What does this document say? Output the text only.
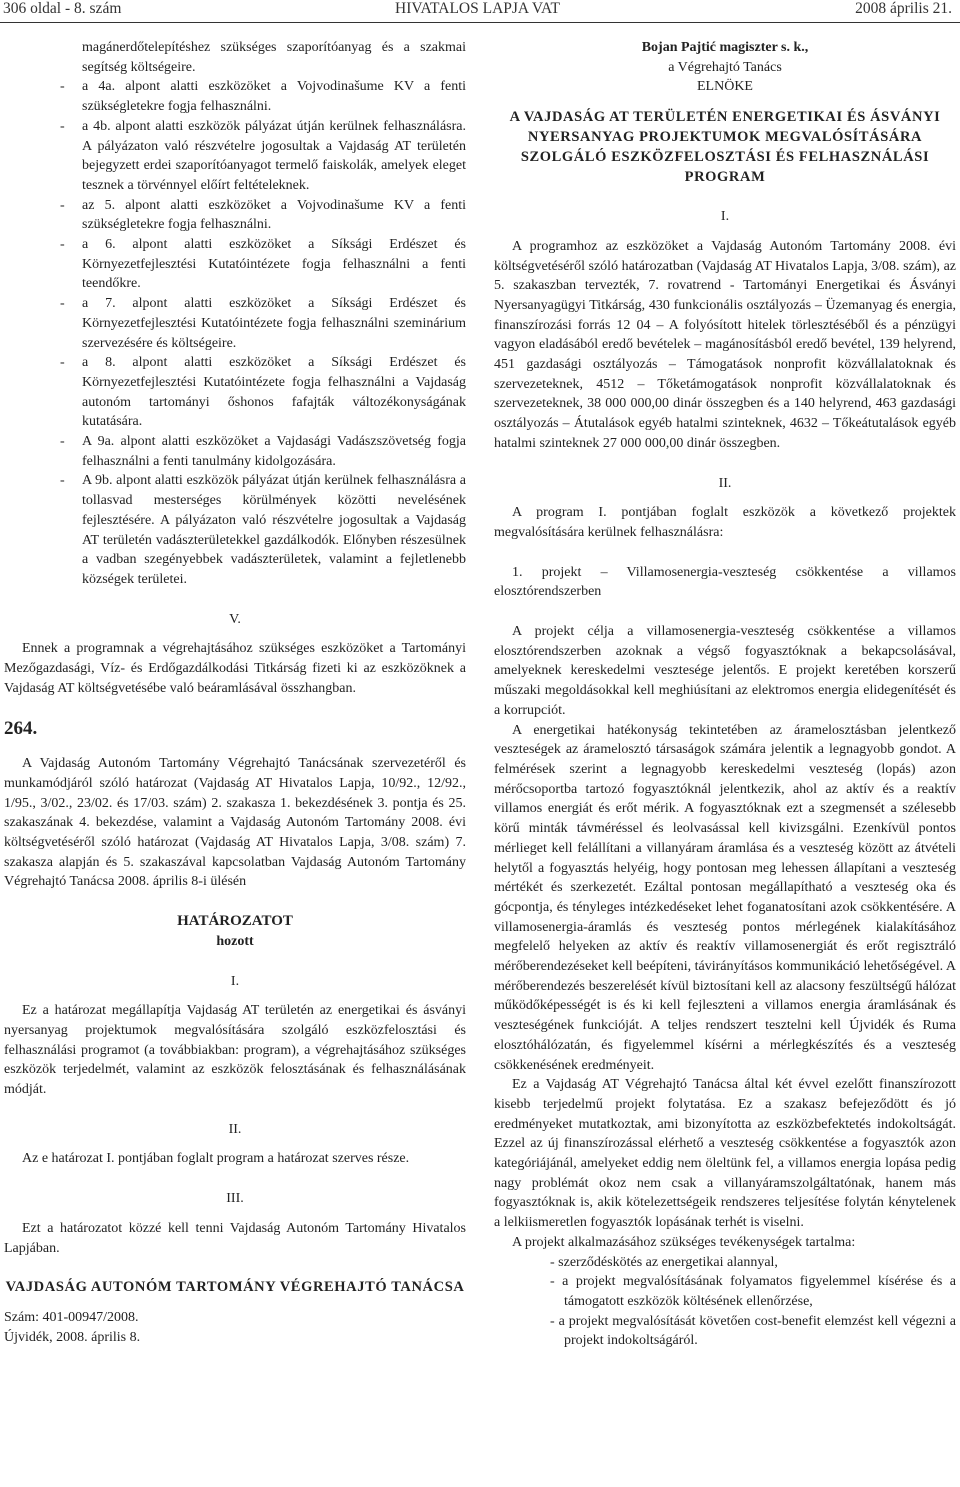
306 oldal - 8. szám	HIVATALOS LAPJA VAT	2008 április 21.

magánerdőtelepítéshez szükséges szaporítóanyag és a szakmai segítség költségeire.

- a 4a. alpont alatti eszközöket a Vojvodinašume KV a fenti szükségletekre fogja felhasználni.
- a 4b. alpont alatti eszközök pályázat útján kerülnek felhasználásra. A pályázaton való részvételre jogosultak a Vajdaság AT területén bejegyzett erdei szaporítóanyagot termelő faiskolák, amelyek eleget tesznek a törvénnyel előírt feltételeknek.
- az 5. alpont alatti eszközöket a Vojvodinašume KV a fenti szükségletekre fogja felhasználni.
- a 6. alpont alatti eszközöket a Síksági Erdészet és Környezetfejlesztési Kutatóintézete fogja felhasználni a fenti teendőkre.
- a 7. alpont alatti eszközöket a Síksági Erdészet és Környezetfejlesztési Kutatóintézete fogja felhasználni szeminárium szervezésére és költségeire.
- a 8. alpont alatti eszközöket a Síksági Erdészet és Környezetfejlesztési Kutatóintézete fogja felhasználni a Vajdaság autonóm tartományi őshonos fafajták változékonyságának kutatására.
- A 9a. alpont alatti eszközöket a Vajdasági Vadászszövetség fogja felhasználni a fenti tanulmány kidolgozására.
- A 9b. alpont alatti eszközök pályázat útján kerülnek felhasználásra a tollasvad mesterséges körülmények közötti nevelésének fejlesztésére. A pályázaton való részvételre jogosultak a Vajdaság AT területén vadászterületekkel gazdálkodók. Előnyben részesülnek a vadban szegényebbek vadászterületek, valamint a fejletlenebb községek területei.

V.

Ennek a programnak a végrehajtásához szükséges eszközöket a Tartományi Mezőgazdasági, Víz- és Erdőgazdálkodási Titkárság fizeti ki az eszközöknek a Vajdaság AT költségvetésébe való beáramlásával összhangban.

264.

A Vajdaság Autonóm Tartomány Végrehajtó Tanácsának szervezetéről és munkamódjáról szóló határozat (Vajdaság AT Hivatalos Lapja, 10/92., 12/92., 1/95., 3/02., 23/02. és 17/03. szám) 2. szakasza 1. bekezdésének 3. pontja és 25. szakaszának 4. bekezdése, valamint a Vajdaság Autonóm Tartomány 2008. évi költségvetéséről szóló határozat (Vajdaság AT Hivatalos Lapja, 3/08. szám) 7. szakasza alapján és 5. szakaszával kapcsolatban Vajdaság Autonóm Tartomány Végrehajtó Tanácsa 2008. április 8-i ülésén

HATÁROZATOT

hozott

I.

Ez a határozat megállapítja Vajdaság AT területén az energetikai és ásványi nyersanyag projektumok megvalósítására szolgáló eszközfelosztási és felhasználási programot (a továbbiakban: program), a végrehajtásához szükséges eszközök terjedelmét, valamint az eszközök felosztásának és felhasználásának módját.

II.

Az e határozat I. pontjában foglalt program a határozat szerves része.

III.

Ezt a határozatot közzé kell tenni Vajdaság Autonóm Tartomány Hivatalos Lapjában.

VAJDASÁG AUTONÓM TARTOMÁNY VÉGREHAJTÓ TANÁCSA

Szám: 401-00947/2008.

Újvidék, 2008. április 8.

Bojan Pajtić magiszter s. k.,

a Végrehajtó Tanács

ELNÖKE

A VAJDASÁG AT TERÜLETÉN ENERGETIKAI ÉS ÁSVÁNYI NYERSANYAG PROJEKTUMOK MEGVALÓSÍTÁSÁRA SZOLGÁLÓ ESZKÖZFELOSZTÁSI ÉS FELHASZNÁLÁSI PROGRAM

I.

A programhoz az eszközöket a Vajdaság Autonóm Tartomány 2008. évi költségvetéséről szóló határozatban (Vajdaság AT Hivatalos Lapja, 3/08. szám), az 5. szakaszban tervezték, 7. rovatrend - Tartományi Energetikai és Ásványi Nyersanyagügyi Titkárság, 430 funkcionális osztályozás – Üzemanyag és energia, finanszírozási forrás 12 04 – A folyósított hitelek törlesztéséből és a pénzügyi vagyon eladásából eredő bevételek – magánosításból eredő bevétel, 139 helyrend, 451 gazdasági osztályozás – Támogatások nonprofit közvállalatoknak és szervezeteknek, 4512 – Tőketámogatások nonprofit közvállalatoknak és szervezeteknek, 38 000 000,00 dinár összegben és a 140 helyrend, 463 gazdasági osztályozás – Átutalások egyéb hatalmi szinteknek, 4632 – Tőkeátutalások egyéb hatalmi szinteknek 27 000 000,00 dinár összegben.

II.

A program I. pontjában foglalt eszközök a következő projektek megvalósítására kerülnek felhasználásra:

1. projekt – Villamosenergia-veszteség csökkentése a villamos elosztórendszerben

A projekt célja a villamosenergia-veszteség csökkentése a villamos elosztórendszerben azoknak a végső fogyasztóknak a bekapcsolásával, amelyeknek kereskedelmi vesztesége jelentős. E projekt keretében korszerű műszaki megoldásokkal kell meghiúsítani az elektromos energia elidegenítését és a korrupciót.

A energetikai hatékonyság tekintetében az áramelosztásban jelentkező veszteségek az áramelosztó társaságok számára jelentik a legnagyobb gondot. A felmérések szerint a legnagyobb kereskedelmi veszteség (lopás) azon mérőcsoportba tartozó fogyasztóknál jelentkezik, ahol az aktív és a reaktív villamos energiát és erőt mérik. A fogyasztóknak ezt a szegmensét a szélesebb körű minták távméréssel és leolvasással kell kivizsgálni. Ezenkívül pontos mérlieget kell felállítani a villanyáram áramlása és a veszteség között az átvételi helytől a fogyasztás helyéig, hogy pontosan meg lehessen állapítani a veszteség mértékét és szerkezetét. Ezáltal pontosan megállapítható a veszteség oka és gócpontja, és tényleges intézkedéseket lehet foganatosítani azok csökkentésére. A villamosenergia-áramlás és veszteség pontos mérlegének kialakításához megfelelő helyeken az aktív és reaktív villamosenergiát és erőt regisztráló mérőberendezéseket kell beépíteni, távirányításos kommunikáció lehetőségével. A mérőberendezés beszerelését kívül biztosítani kell az alacsony feszültségű hálózat működőképességét is és ki kell fejleszteni a villamos energia áramlásának és veszteségének funkcióját. A teljes rendszert tesztelni kell Újvidék és Ruma elosztóhálózatán, és figyelemmel kísérni a mérlegkészítés és a veszteség csökkenésének eredményeit.

Ez a Vajdaság AT Végrehajtó Tanácsa által két évvel ezelőtt finanszírozott kisebb terjedelmű projekt folytatása. Ez a szakasz befejeződött és jó eredményeket mutatkoztak, ami bizonyította az eszközbefektetés indokoltságát. Ezzel az új finanszírozással elérhető a veszteség csökkentése a fogyasztók azon kategóriájánál, amelyeket eddig nem öleltünk fel, a villamos energia lopása pedig nagy problémát okoz nem csak a villanyáramszolgáltatónak, hanem más fogyasztóknak is, akik kötelezettségeik rendszeres teljesítése folytán kénytelenek a lelkiismeretlen fogyasztók lopásának terhét is viselni.

A projekt alkalmazásához szükséges tevékenységek tartalma:

- szerződéskötés az energetikai alannyal,
- a projekt megvalósításának folyamatos figyelemmel kísérése és a támogatott eszközök költésének ellenőrzése,
- a projekt megvalósítását követően cost-benefit elemzést kell végezni a projekt indokoltságáról.
